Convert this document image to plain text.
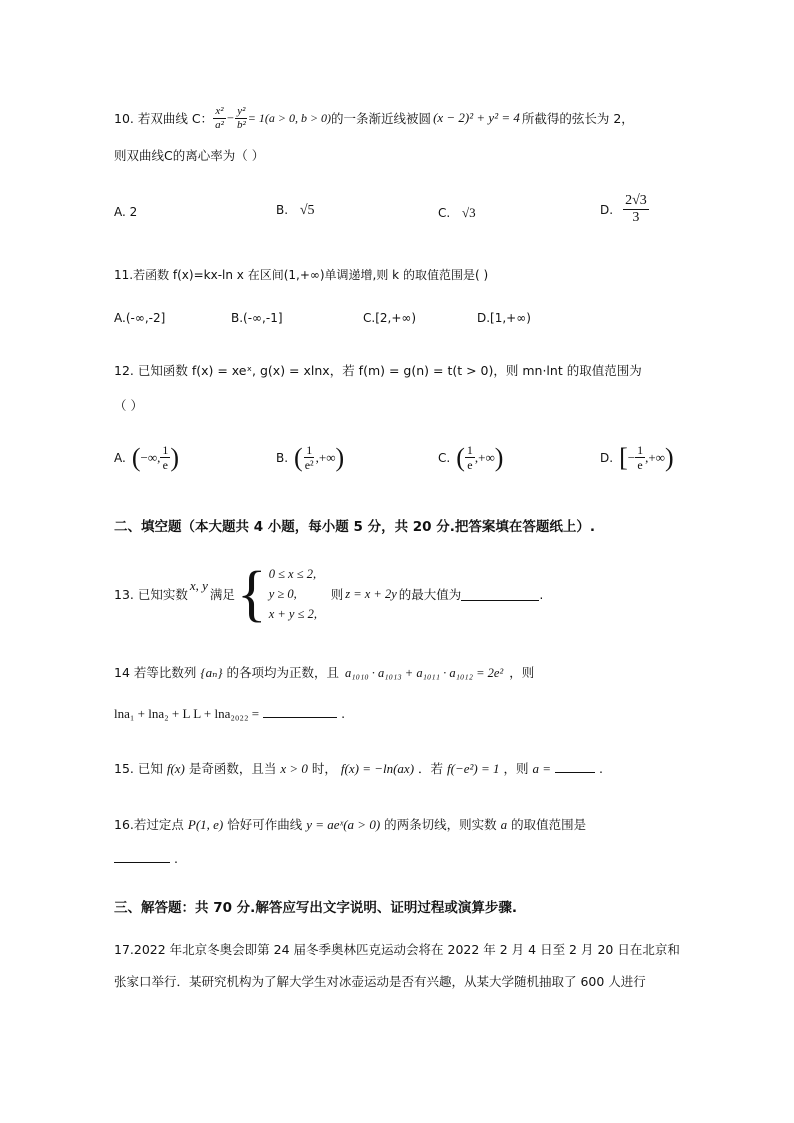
10. 若双曲线 C： $\frac{\text{x²}}{\text{a²}} - \frac{\text{y²}}{\text{b²}} = 1(a > 0$, b > 0) 的一条渐近线被圆 (x − 2)² + y² = 4 所截得的弦长为 2，
则双曲线C的离心率为（ ）
A. 2	B. √5	C. √3	D. $\frac{2√3}{3}$
11.若函数 f(x)=kx-ln x 在区间(1,+∞)单调递增,则 k 的取值范围是( )
A.(-∞,-2]	B.(-∞,-1]	C.[2,+∞)	D.[1,+∞)
12. 已知函数 f(x) = xeˣ, g(x) = xlnx，若 f(m) = g(n) = t(t > 0)，则 mn·lnt 的取值范围为
（ ）
A. ( −∞, $\frac{1}{e}$ )	B. ( $\frac{1}{\text{e²}}$ ,+∞ )	C. ( $\frac{1}{e}$ ,+∞ )	D. [ − $\frac{1}{e}$ ,+∞ )
二、填空题（本大题共 4 小题，每小题 5 分，共 20 分.把答案填在答题纸上）.
13. 已知实数
x, y
满足 { 0 ≤ x ≤ 2,
y ≥ 0,
x + y ≤ 2,
则 z = x + 2y 的最大值为	.
14 若等比数列 {aₙ} 的各项均为正数，且 a₁₀₁₀ · a₁₀₁₃ + a₁₀₁₁ · a₁₀₁₂ = 2e² ，则
lna₁ + lna₂ + L L + lna₂₀₂₂ =	.
15. 已知 f(x) 是奇函数，且当 x > 0 时， f(x) = −ln(ax) ．若 f(−e²) = 1 ，则 a =	.
16.若过定点 P(1, e) 恰好可作曲线 y = aeˣ(a > 0) 的两条切线，则实数 a 的取值范围是
.
三、解答题：共 70 分.解答应写出文字说明、证明过程或演算步骤.
17.2022 年北京冬奥会即第 24 届冬季奥林匹克运动会将在 2022 年 2 月 4 日至 2 月 20 日在北京和
张家口举行．某研究机构为了解大学生对冰壶运动是否有兴趣，从某大学随机抽取了 600 人进行
